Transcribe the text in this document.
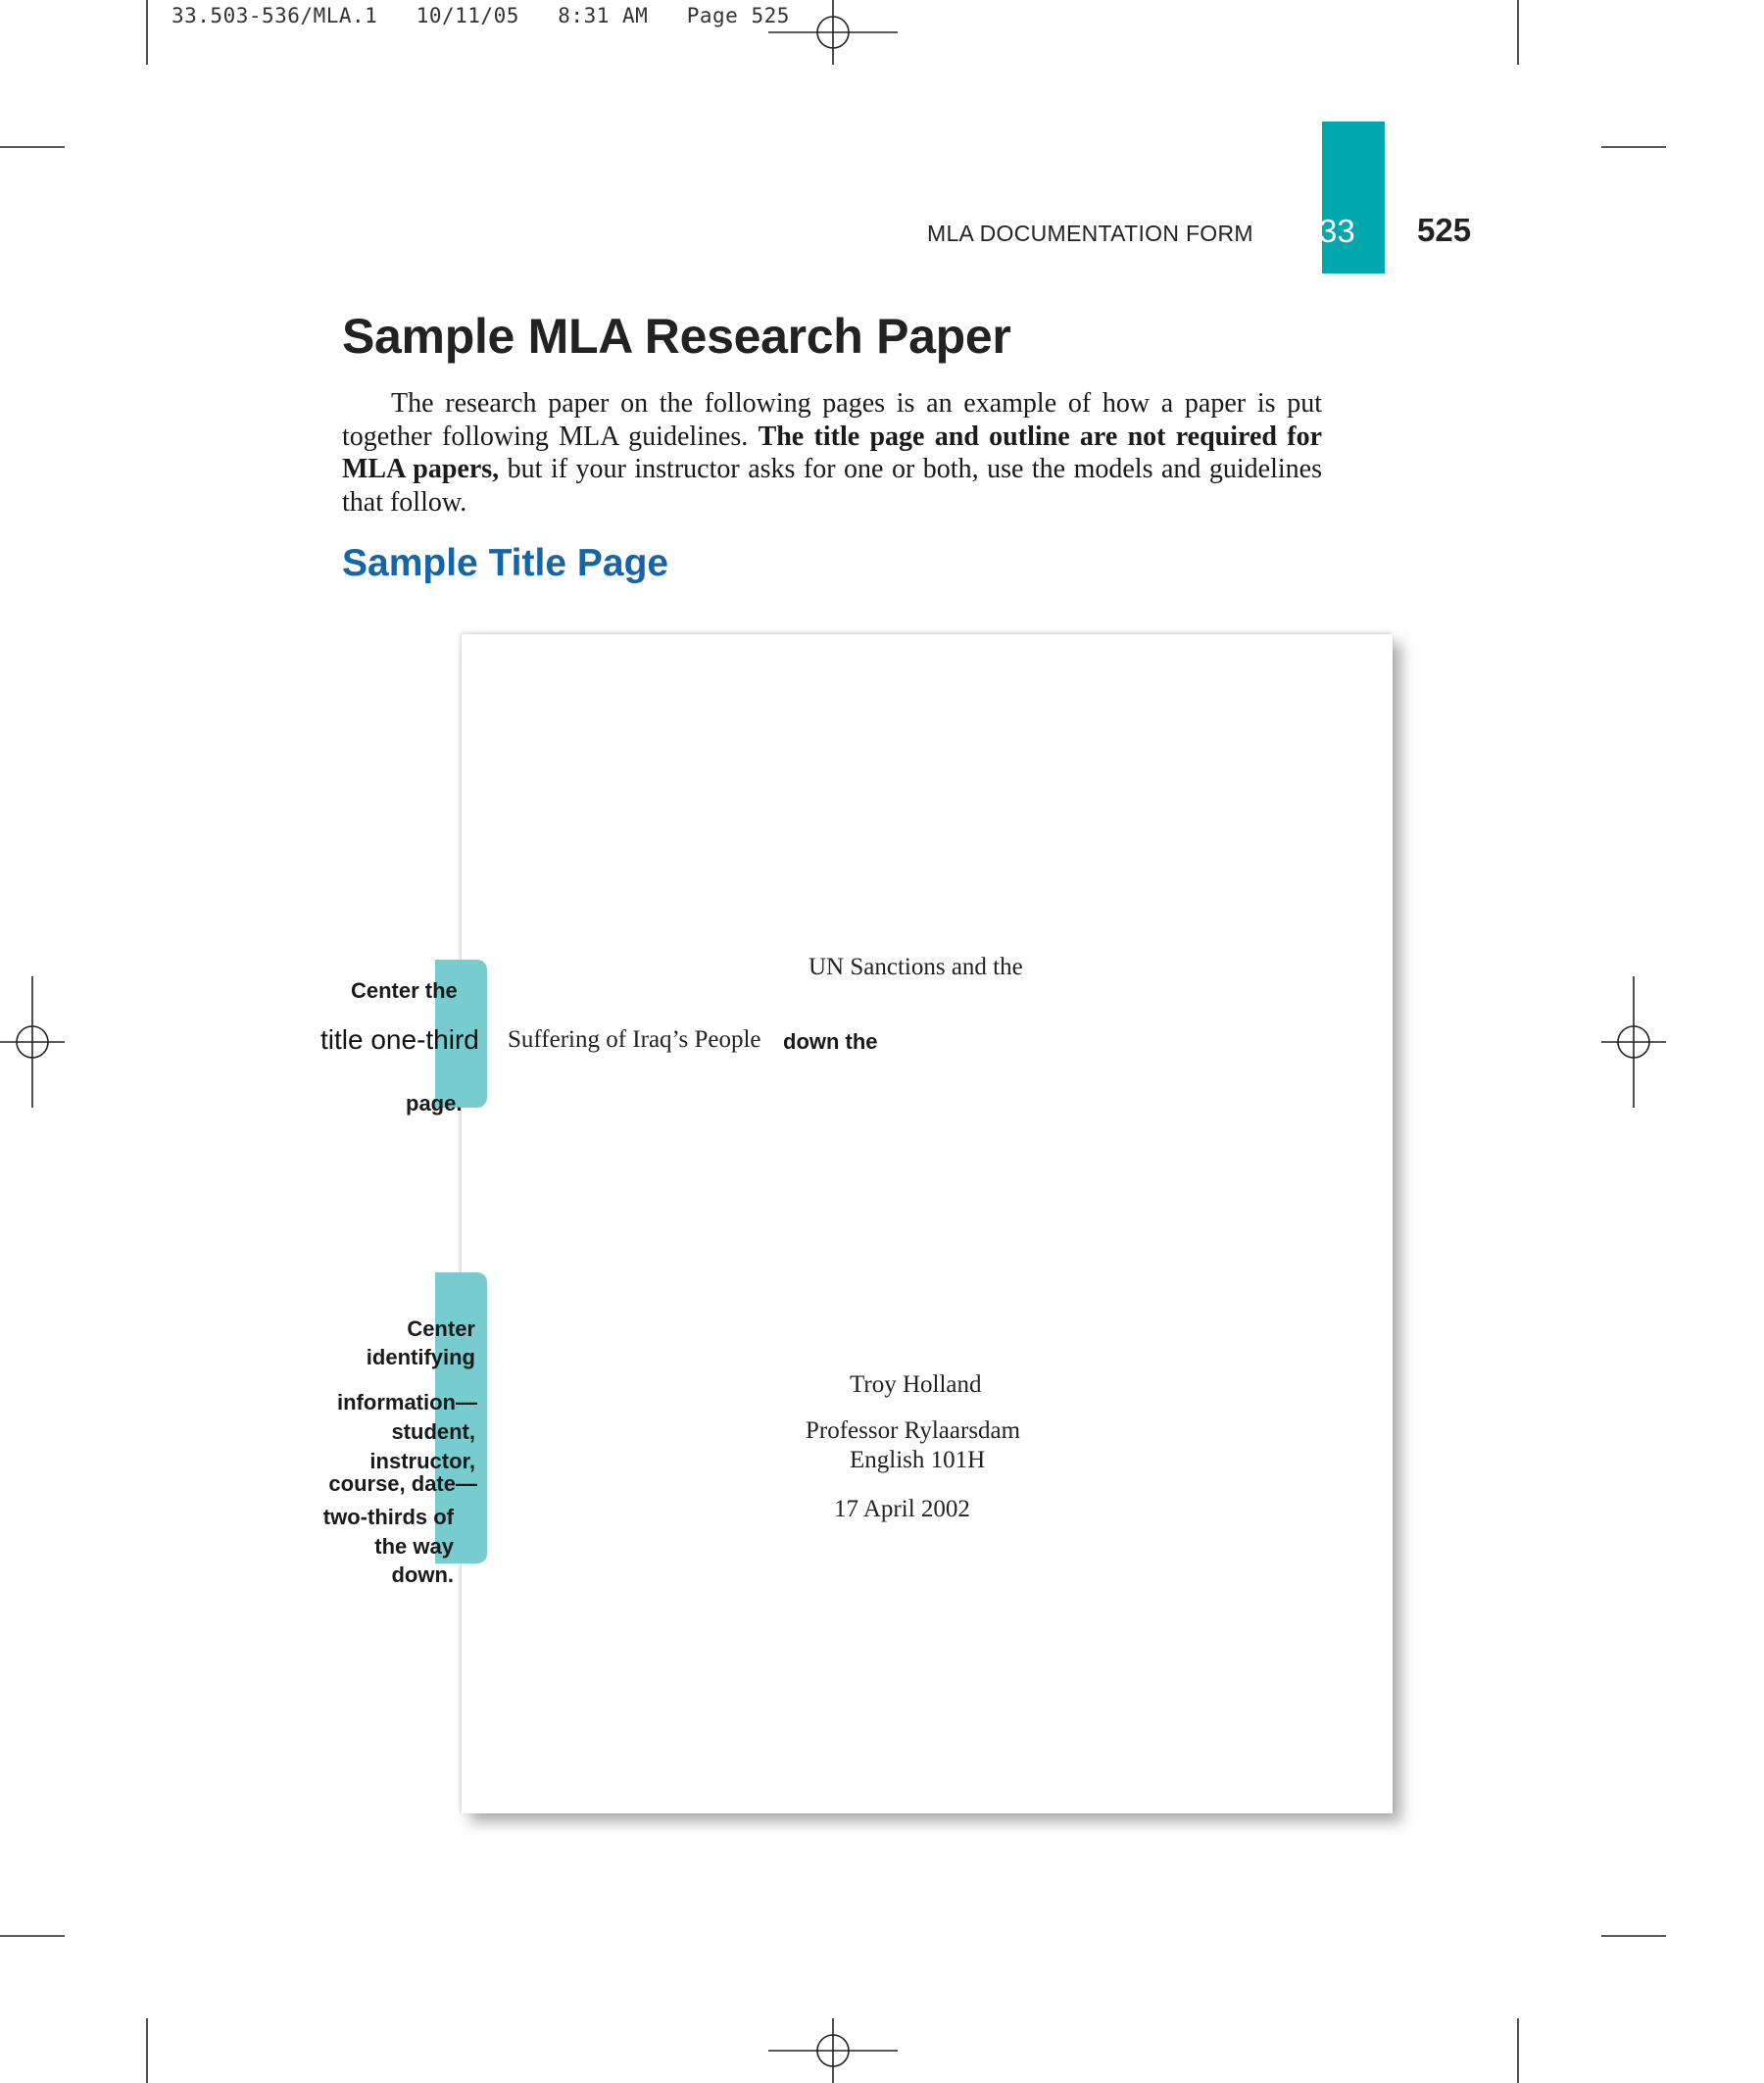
33.503-536/MLA.1   10/11/05   8:31 AM   Page 525
MLA DOCUMENTATION FORM 33 525
Sample MLA Research Paper

The research paper on the following pages is an example of how a paper is put together following MLA guidelines. The title page and outline are not required for MLA papers, but if your instructor asks for one or both, use the models and guidelines that follow.

Sample Title Page
UN Sanctions and the
Suffering of Iraq’s People
Troy Holland
Professor Rylaarsdam
English 101H
17 April 2002
Center the
title one-third	down the
page.
Center
identifying
information—
student,
instructor,
course, date—
two-thirds of
the way
down.
